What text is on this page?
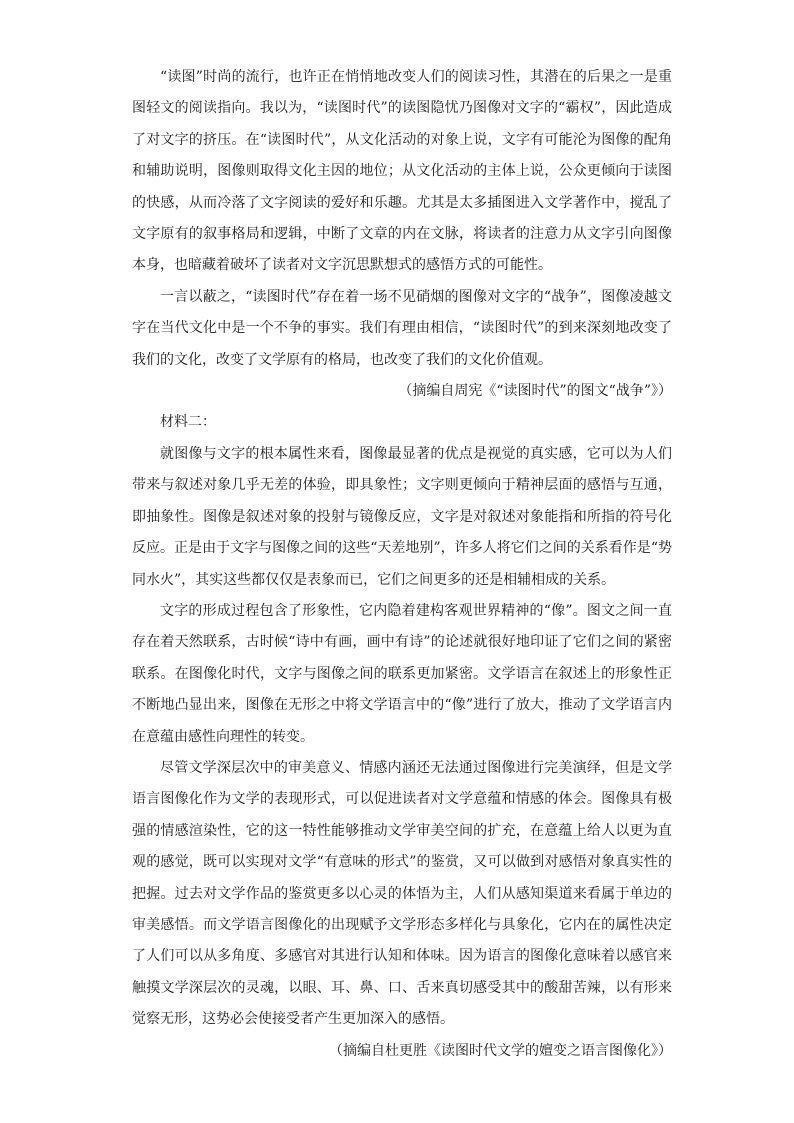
“读图”时尚的流行，也许正在悄悄地改变人们的阅读习性，其潜在的后果之一是重图轻文的阅读指向。我以为，“读图时代”的读图隐忧乃图像对文字的“霸权”，因此造成了对文字的挤压。在“读图时代”，从文化活动的对象上说，文字有可能沦为图像的配角和辅助说明，图像则取得文化主因的地位；从文化活动的主体上说，公众更倾向于读图的快感，从而冷落了文字阅读的爱好和乐趣。尤其是太多插图进入文学著作中，搅乱了文字原有的叙事格局和逻辑，中断了文章的内在文脉，将读者的注意力从文字引向图像本身，也暗藏着破坏了读者对文字沉思默想式的感悟方式的可能性。

一言以蔽之，“读图时代”存在着一场不见硝烟的图像对文字的“战争”，图像凌越文字在当代文化中是一个不争的事实。我们有理由相信，“读图时代”的到来深刻地改变了我们的文化，改变了文学原有的格局，也改变了我们的文化价值观。

（摘编自周宪《“读图时代”的图文“战争”》）

材料二：

就图像与文字的根本属性来看，图像最显著的优点是视觉的真实感，它可以为人们带来与叙述对象几乎无差的体验，即具象性；文字则更倾向于精神层面的感悟与互通，即抽象性。图像是叙述对象的投射与镜像反应，文字是对叙述对象能指和所指的符号化反应。正是由于文字与图像之间的这些“天差地别”，许多人将它们之间的关系看作是“势同水火”，其实这些都仅仅是表象而已，它们之间更多的还是相辅相成的关系。

文字的形成过程包含了形象性，它内隐着建构客观世界精神的“像”。图文之间一直存在着天然联系，古时候“诗中有画，画中有诗”的论述就很好地印证了它们之间的紧密联系。在图像化时代，文字与图像之间的联系更加紧密。文学语言在叙述上的形象性正不断地凸显出来，图像在无形之中将文学语言中的“像”进行了放大，推动了文学语言内在意蕴由感性向理性的转变。

尽管文学深层次中的审美意义、情感内涵还无法通过图像进行完美演绎，但是文学语言图像化作为文学的表现形式，可以促进读者对文学意蕴和情感的体会。图像具有极强的情感渲染性，它的这一特性能够推动文学审美空间的扩充，在意蕴上给人以更为直观的感觉，既可以实现对文学“有意味的形式”的鉴赏，又可以做到对感悟对象真实性的把握。过去对文学作品的鉴赏更多以心灵的体悟为主，人们从感知渠道来看属于单边的审美感悟。而文学语言图像化的出现赋予文学形态多样化与具象化，它内在的属性决定了人们可以从多角度、多感官对其进行认知和体味。因为语言的图像化意味着以感官来触摸文学深层次的灵魂，以眼、耳、鼻、口、舌来真切感受其中的酸甜苦辣，以有形来觉察无形，这势必会使接受者产生更加深入的感悟。

（摘编自杜更胜《读图时代文学的嬗变之语言图像化》）
